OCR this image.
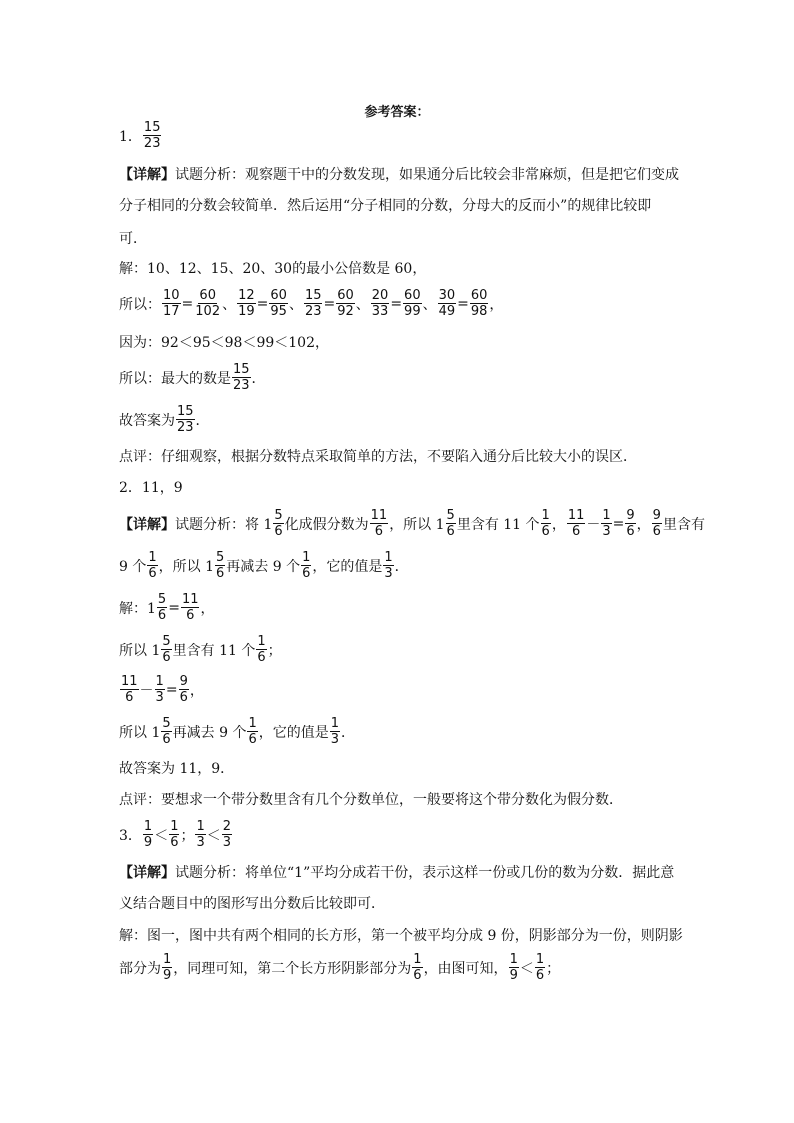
参考答案：
1． $\frac{15}{23}$
【详解】 试题分析：观察题干中的分数发现，如果通分后比较会非常麻烦，但是把它们变成
分子相同的分数会较简单．然后运用“分子相同的分数，分母大的反而小”的规律比较即
可．
解：10、12、15、20、30的最小公倍数是 60，
所以： $\frac{10}{17} = \frac{60}{102}$ 、 $\frac{12}{19} = \frac{60}{95}$ 、 $\frac{15}{23} = \frac{60}{92}$ 、 $\frac{20}{33} = \frac{60}{99}$ 、 $\frac{30}{49} = \frac{60}{98}$ ，
因为：92＜95＜98＜99＜102，
所以：最大的数是 $\frac{15}{23}$ ．
故答案为 $\frac{15}{23}$ ．
点评：仔细观察，根据分数特点采取简单的方法，不要陷入通分后比较大小的误区．
2．11，9
【详解】 试题分析：将 $1 \frac{5}{6}$ 化成假分数为 $\frac{11}{6}$ ，所以 $1 \frac{5}{6}$ 里含有 11 个 $\frac{1}{6}$ ， $\frac{11}{6} - \frac{1}{3} = \frac{9}{6}$ ， $\frac{9}{6}$ 里含有
9 个 $\frac{1}{6}$ ，所以 $1 \frac{5}{6}$ 再减去 9 个 $\frac{1}{6}$ ，它的值是 $\frac{1}{3}$ ．
解：$1 \frac{5}{6} = \frac{11}{6}$ ，
所以 $1 \frac{5}{6}$ 里含有 11 个 $\frac{1}{6}$ ；
$\frac{11}{6} - \frac{1}{3} = \frac{9}{6}$ ，
所以 $1 \frac{5}{6}$ 再减去 9 个 $\frac{1}{6}$ ，它的值是 $\frac{1}{3}$ ．
故答案为 11，9．
点评：要想求一个带分数里含有几个分数单位，一般要将这个带分数化为假分数．
3． $\frac{1}{9} < \frac{1}{6}$ ； $\frac{1}{3} < \frac{2}{3}$
【详解】 试题分析：将单位“1”平均分成若干份，表示这样一份或几份的数为分数．据此意
义结合题目中的图形写出分数后比较即可．
解：图一，图中共有两个相同的长方形，第一个被平均分成 9 份，阴影部分为一份，则阴影
部分为 $\frac{1}{9}$ ，同理可知，第二个长方形阴影部分为 $\frac{1}{6}$ ，由图可知， $\frac{1}{9} < \frac{1}{6}$ ；
